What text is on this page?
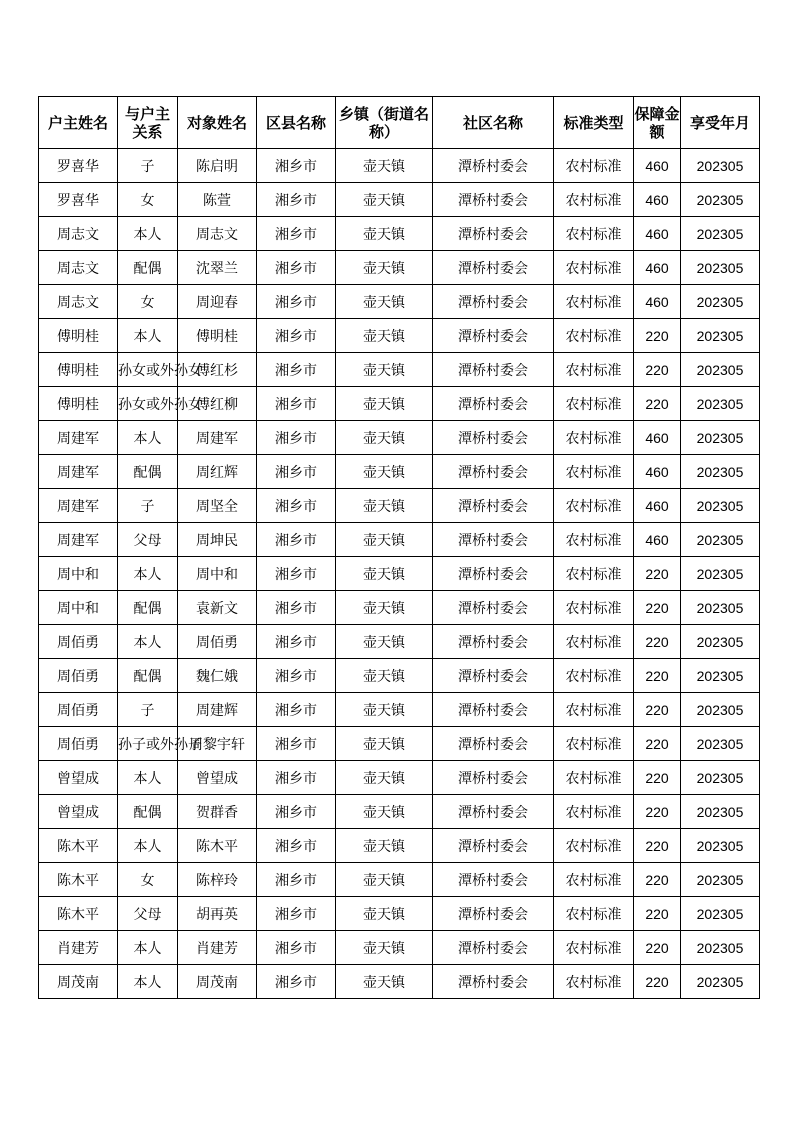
户主姓名	与户主关系	对象姓名	区县名称	乡镇（街道名称）	社区名称	标准类型	保障金额	享受年月
罗喜华	子	陈启明	湘乡市	壶天镇	潭桥村委会	农村标准	460	202305
罗喜华	女	陈萱	湘乡市	壶天镇	潭桥村委会	农村标准	460	202305
周志文	本人	周志文	湘乡市	壶天镇	潭桥村委会	农村标准	460	202305
周志文	配偶	沈翠兰	湘乡市	壶天镇	潭桥村委会	农村标准	460	202305
周志文	女	周迎春	湘乡市	壶天镇	潭桥村委会	农村标准	460	202305
傅明桂	本人	傅明桂	湘乡市	壶天镇	潭桥村委会	农村标准	220	202305
傅明桂	孙女或外孙女	傅红杉	湘乡市	壶天镇	潭桥村委会	农村标准	220	202305
傅明桂	孙女或外孙女	傅红柳	湘乡市	壶天镇	潭桥村委会	农村标准	220	202305
周建军	本人	周建军	湘乡市	壶天镇	潭桥村委会	农村标准	460	202305
周建军	配偶	周红辉	湘乡市	壶天镇	潭桥村委会	农村标准	460	202305
周建军	子	周坚全	湘乡市	壶天镇	潭桥村委会	农村标准	460	202305
周建军	父母	周坤民	湘乡市	壶天镇	潭桥村委会	农村标准	460	202305
周中和	本人	周中和	湘乡市	壶天镇	潭桥村委会	农村标准	220	202305
周中和	配偶	袁新文	湘乡市	壶天镇	潭桥村委会	农村标准	220	202305
周佰勇	本人	周佰勇	湘乡市	壶天镇	潭桥村委会	农村标准	220	202305
周佰勇	配偶	魏仁娥	湘乡市	壶天镇	潭桥村委会	农村标准	220	202305
周佰勇	子	周建辉	湘乡市	壶天镇	潭桥村委会	农村标准	220	202305
周佰勇	孙子或外孙子	周黎宇轩	湘乡市	壶天镇	潭桥村委会	农村标准	220	202305
曾望成	本人	曾望成	湘乡市	壶天镇	潭桥村委会	农村标准	220	202305
曾望成	配偶	贺群香	湘乡市	壶天镇	潭桥村委会	农村标准	220	202305
陈木平	本人	陈木平	湘乡市	壶天镇	潭桥村委会	农村标准	220	202305
陈木平	女	陈梓玲	湘乡市	壶天镇	潭桥村委会	农村标准	220	202305
陈木平	父母	胡再英	湘乡市	壶天镇	潭桥村委会	农村标准	220	202305
肖建芳	本人	肖建芳	湘乡市	壶天镇	潭桥村委会	农村标准	220	202305
周茂南	本人	周茂南	湘乡市	壶天镇	潭桥村委会	农村标准	220	202305
